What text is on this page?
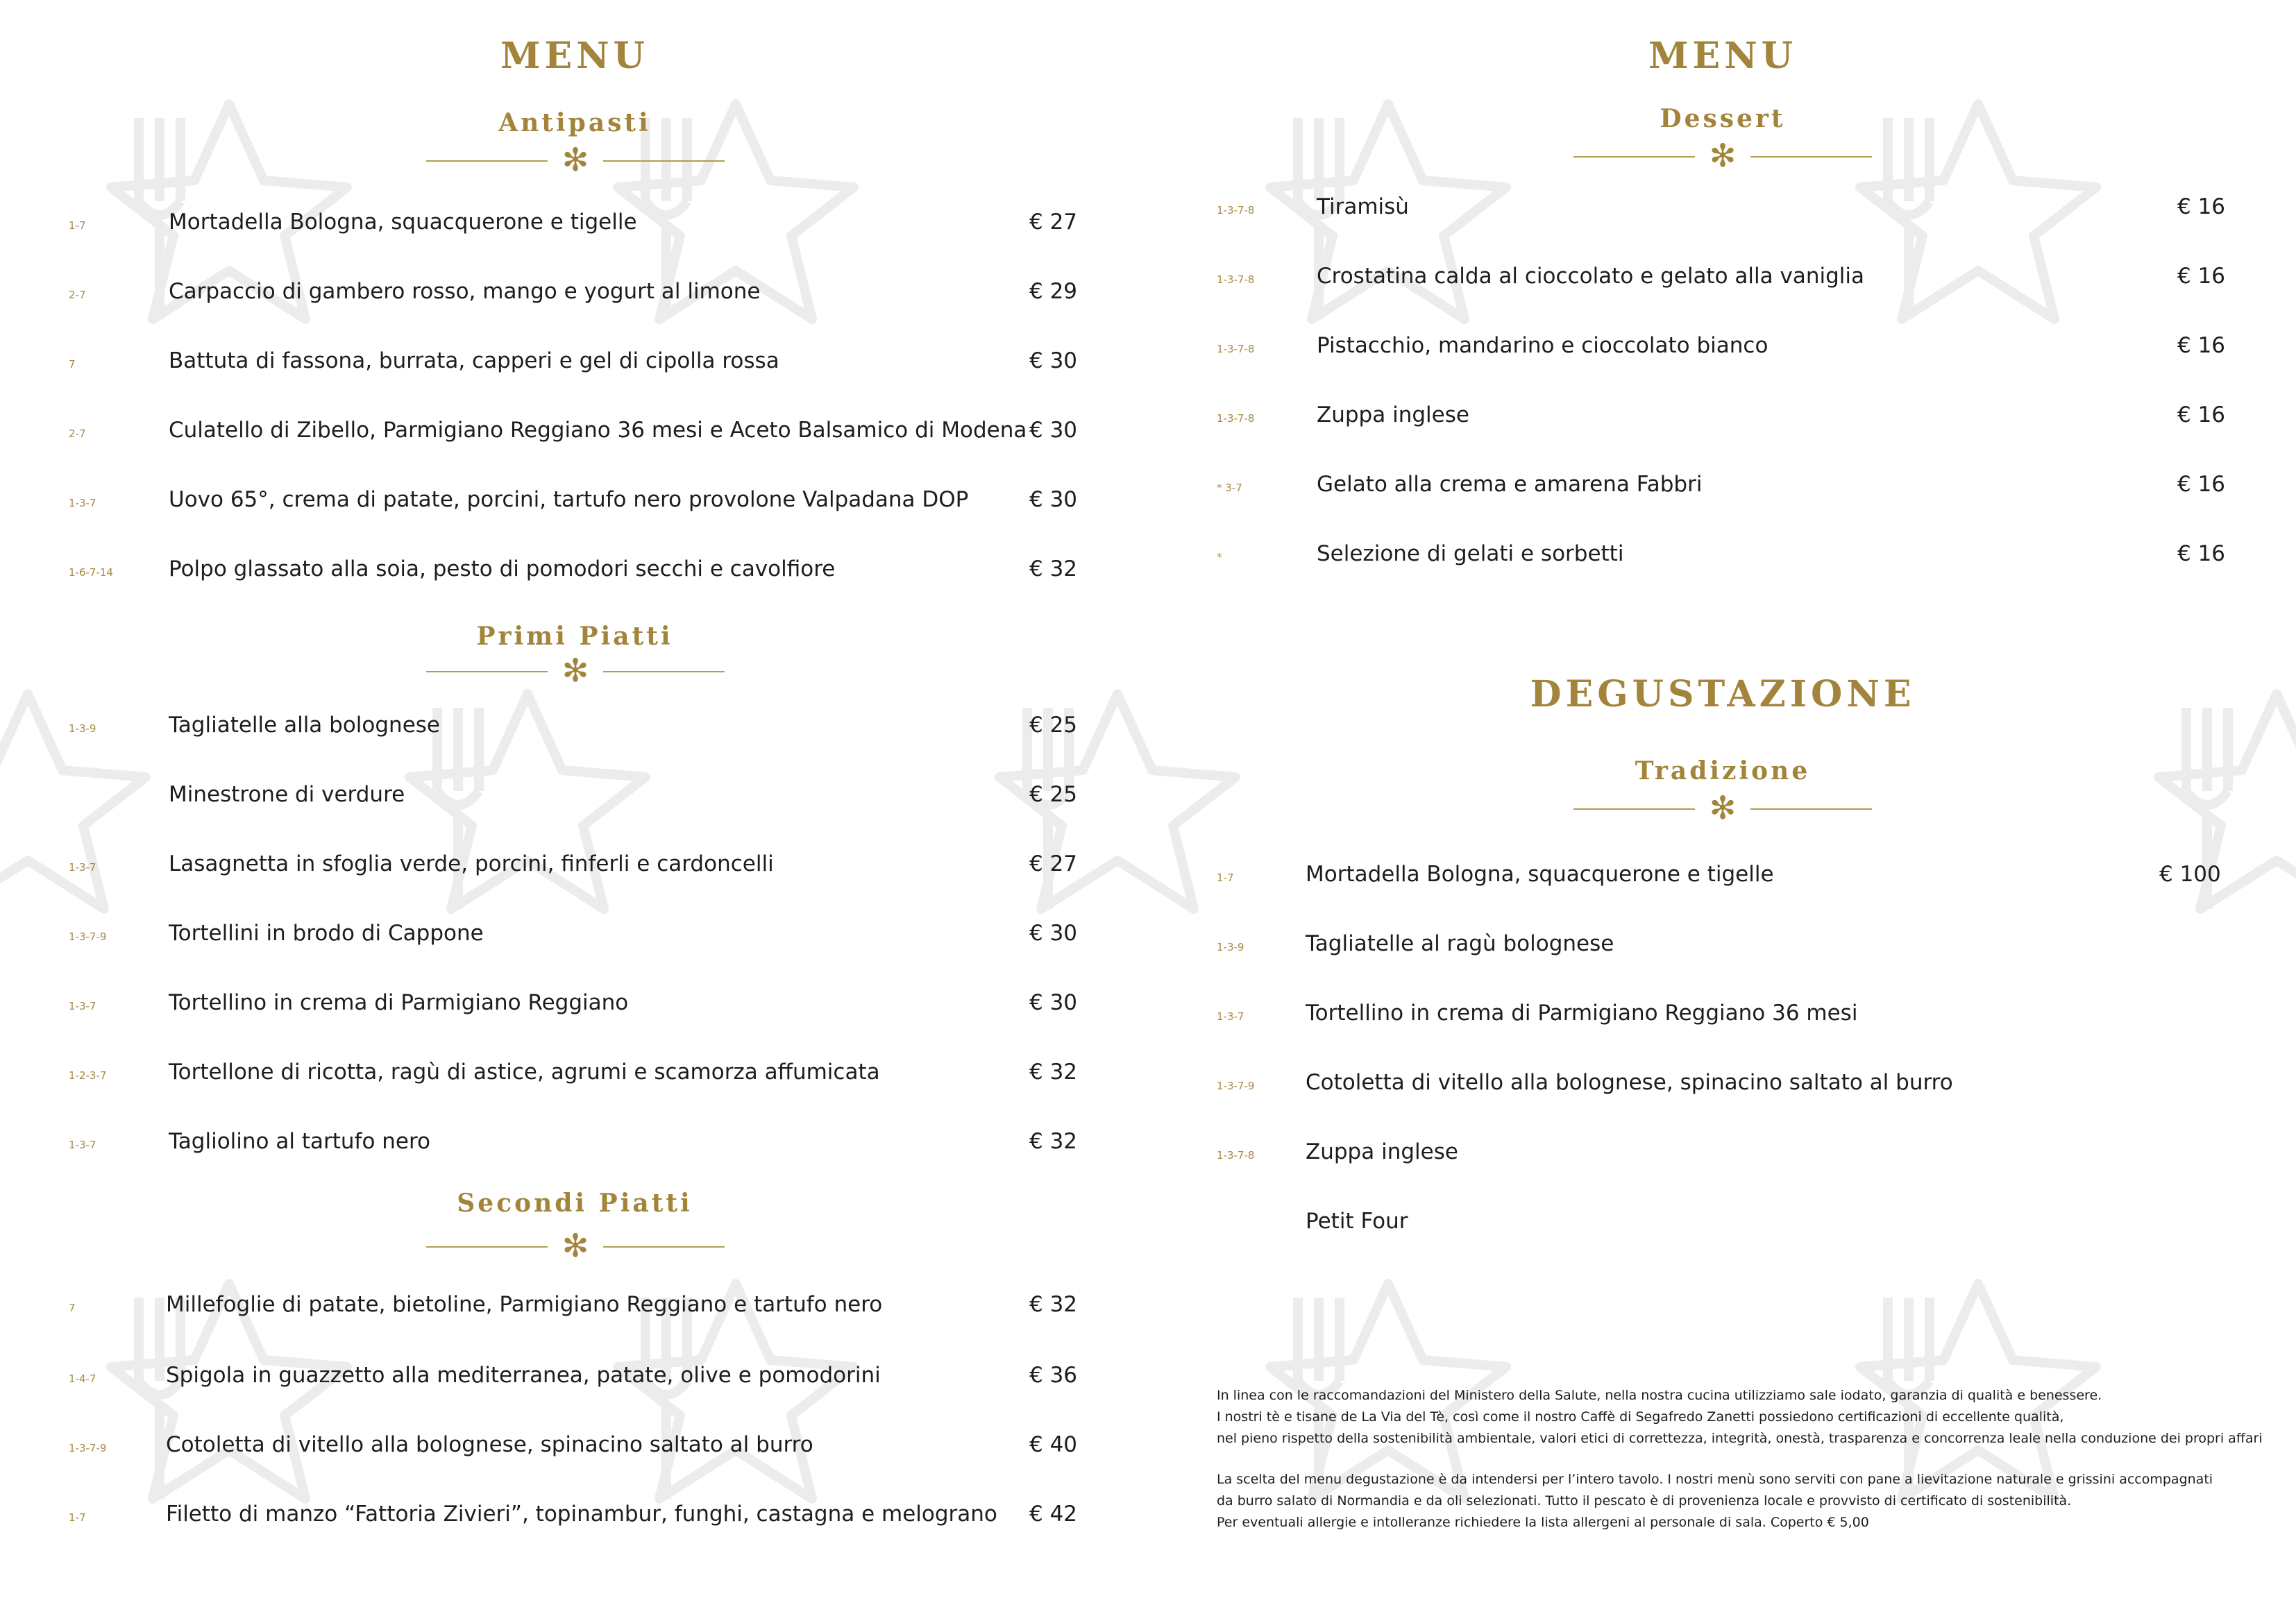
MENU
Antipasti
✻
Primi Piatti
✻
Secondi Piatti
✻
1-7	Mortadella Bologna, squacquerone e tigelle	€ 27
2-7	Carpaccio di gambero rosso, mango e yogurt al limone	€ 29
7	Battuta di fassona, burrata, capperi e gel di cipolla rossa	€ 30
2-7	Culatello di Zibello, Parmigiano Reggiano 36 mesi e Aceto Balsamico di Modena € 30
1-3-7	Uovo 65°, crema di patate, porcini, tartufo nero provolone Valpadana DOP	€ 30
1-6-7-14	Polpo glassato alla soia, pesto di pomodori secchi e cavolfiore	€ 32
1-3-9	Tagliatelle alla bolognese	€ 25
Minestrone di verdure	€ 25
1-3-7	Lasagnetta in sfoglia verde, porcini, finferli e cardoncelli	€ 27
1-3-7-9	Tortellini in brodo di Cappone	€ 30
1-3-7	Tortellino in crema di Parmigiano Reggiano	€ 30
1-2-3-7	Tortellone di ricotta, ragù di astice, agrumi e scamorza affumicata	€ 32
1-3-7	Tagliolino al tartufo nero	€ 32
7	Millefoglie di patate, bietoline, Parmigiano Reggiano e tartufo nero	€ 32
1-4-7	Spigola in guazzetto alla mediterranea, patate, olive e pomodorini	€ 36
1-3-7-9	Cotoletta di vitello alla bolognese, spinacino saltato al burro	€ 40
1-7	Filetto di manzo “Fattoria Zivieri”, topinambur, funghi, castagna e melograno € 42
MENU
Dessert
✻
DEGUSTAZIONE
Tradizione
✻
1-3-7-8	Tiramisù	€ 16
1-3-7-8	Crostatina calda al cioccolato e gelato alla vaniglia	€ 16
1-3-7-8	Pistacchio, mandarino e cioccolato bianco	€ 16
1-3-7-8	Zuppa inglese	€ 16
* 3-7	Gelato alla crema e amarena Fabbri	€ 16
*	Selezione di gelati e sorbetti	€ 16
1-7	Mortadella Bologna, squacquerone e tigelle	€ 100
1-3-9	Tagliatelle al ragù bolognese
1-3-7	Tortellino in crema di Parmigiano Reggiano 36 mesi
1-3-7-9 Cotoletta di vitello alla bolognese, spinacino saltato al burro
1-3-7-8 Zuppa inglese
Petit Four

In linea con le raccomandazioni del Ministero della Salute, nella nostra cucina utilizziamo sale iodato, garanzia di qualità e benessere.

I nostri tè e tisane de La Via del Tè, così come il nostro Caffè di Segafredo Zanetti possiedono certificazioni di eccellente qualità,

nel pieno rispetto della sostenibilità ambientale, valori etici di correttezza, integrità, onestà, trasparenza e concorrenza leale nella conduzione dei propri affari

La scelta del menu degustazione è da intendersi per l’intero tavolo. I nostri menù sono serviti con pane a lievitazione naturale e grissini accompagnati

da burro salato di Normandia e da oli selezionati. Tutto il pescato è di provenienza locale e provvisto di certificato di sostenibilità.

Per eventuali allergie e intolleranze richiedere la lista allergeni al personale di sala. Coperto € 5,00
